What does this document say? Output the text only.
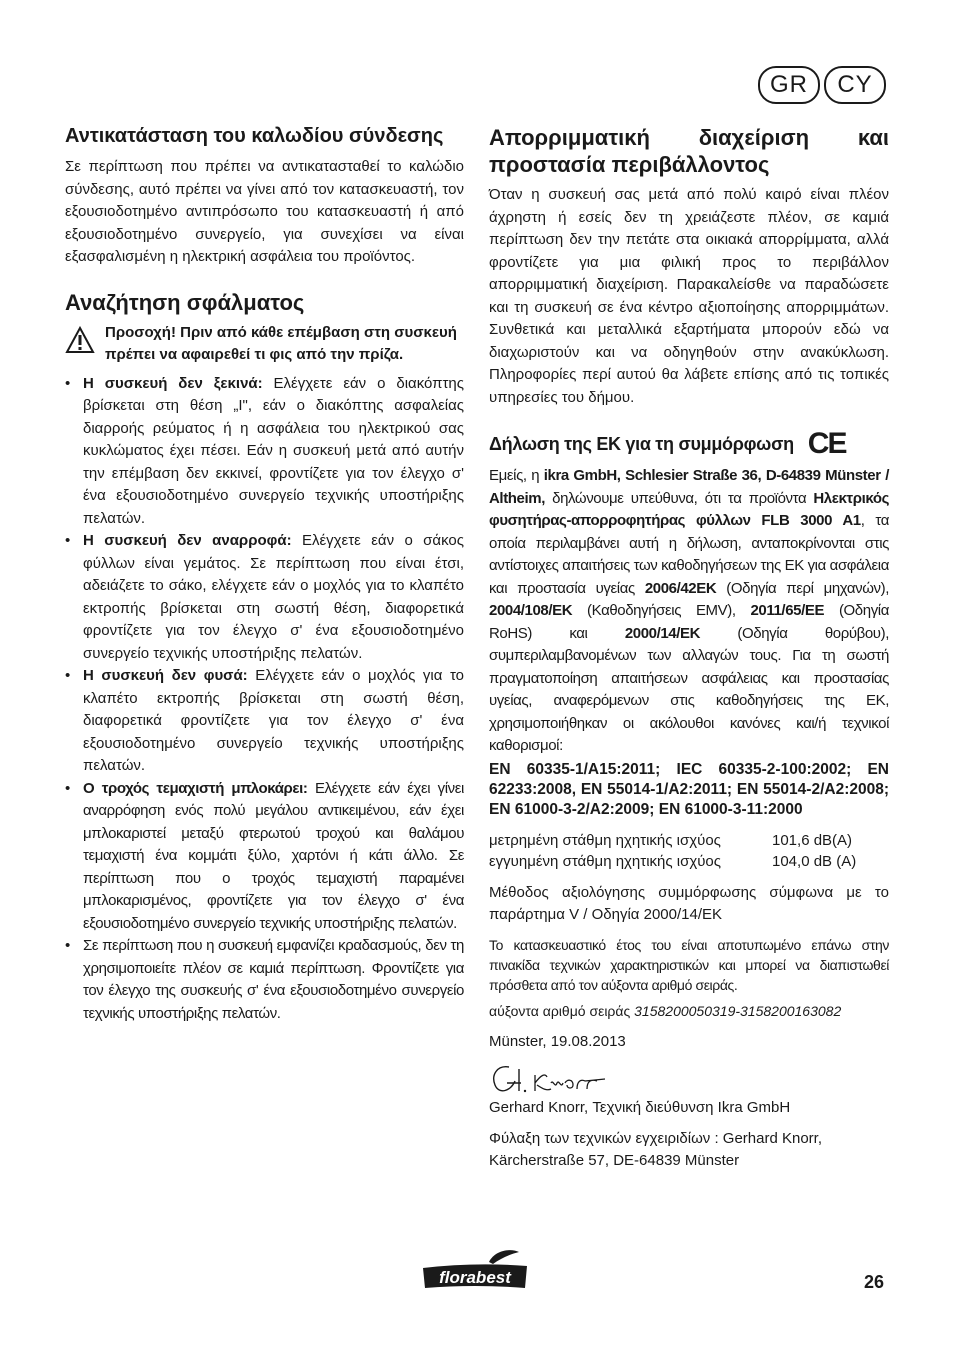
GR	CY
Αντικατάσταση του καλωδίου σύνδεσης

Σε περίπτωση που πρέπει να αντικατασταθεί το καλώδιο σύνδεσης, αυτό πρέπει να γίνει από τον κατασκευαστή, τον εξουσιοδοτημένο αντιπρόσωπο του κατασκευαστή ή από εξουσιοδοτημένο συνεργείο, για συνεχίσει να είναι εξασφαλισμένη η ηλεκτρική ασφάλεια του προϊόντος.

Αναζήτηση σφάλματος

Προσοχή! Πριν από κάθε επέμβαση στη συσκευή πρέπει να αφαιρεθεί τι φις από την πρίζα.

• Η συσκευή δεν ξεκινά: Ελέγχετε εάν ο διακόπτης βρίσκεται στη θέση „I", εάν ο διακόπτης ασφαλείας διαρροής ρεύματος ή η ασφάλεια του ηλεκτρικού σας κυκλώματος έχει πέσει. Εάν η συσκευή μετά από αυτήν την επέμβαση δεν εκκινεί, φροντίζετε για τον έλεγχο σ' ένα εξουσιοδοτημένο συνεργείο τεχνικής υποστήριξης πελατών.
• Η συσκευή δεν αναρροφά: Ελέγχετε εάν ο σάκος φύλλων είναι γεμάτος. Σε περίπτωση που είναι έτσι, αδειάζετε το σάκο, ελέγχετε εάν ο μοχλός για το κλαπέτο εκτροπής βρίσκεται στη σωστή θέση, διαφορετικά φροντίζετε για τον έλεγχο σ' ένα εξουσιοδοτημένο συνεργείο τεχνικής υποστήριξης πελατών.
• Η συσκευή δεν φυσά: Ελέγχετε εάν ο μοχλός για το κλαπέτο εκτροπής βρίσκεται στη σωστή θέση, διαφορετικά φροντίζετε για τον έλεγχο σ' ένα εξουσιοδοτημένο συνεργείο τεχνικής υποστήριξης πελατών.
• Ο τροχός τεμαχιστή μπλοκάρει: Ελέγχετε εάν έχει γίνει αναρρόφηση ενός πολύ μεγάλου αντικειμένου, εάν έχει μπλοκαριστεί μεταξύ φτερωτού τροχού και θαλάμου τεμαχιστή ένα κομμάτι ξύλο, χαρτόνι ή κάτι άλλο. Σε περίπτωση που ο τροχός τεμαχιστή παραμένει μπλοκαρισμένος, φροντίζετε για τον έλεγχο σ' ένα εξουσιοδοτημένο συνεργείο τεχνικής υποστήριξης πελατών.
• Σε περίπτωση που η συσκευή εμφανίζει κραδασμούς, δεν τη χρησιμοποιείτε πλέον σε καμιά περίπτωση. Φροντίζετε για τον έλεγχο της συσκευής σ' ένα εξουσιοδοτημένο συνεργείο τεχνικής υποστήριξης πελατών.
Απορριμματική διαχείριση και προστασία περιβάλλοντος

Όταν η συσκευή σας μετά από πολύ καιρό είναι πλέον άχρηστη ή εσείς δεν τη χρειάζεστε πλέον, σε καμιά περίπτωση δεν την πετάτε στα οικιακά απορρίμματα, αλλά φροντίζετε για μια φιλική προς το περιβάλλον απορριμματική διαχείριση. Παρακαλείσθε να παραδώσετε και τη συσκευή σε ένα κέντρο αξιοποίησης απορριμμάτων. Συνθετικά και μεταλλικά εξαρτήματα μπορούν εδώ να διαχωριστούν και να οδηγηθούν στην ανακύκλωση. Πληροφορίες περί αυτού θα λάβετε επίσης από τις τοπικές υπηρεσίες του δήμου.

Δήλωση της ΕΚ για τη συμμόρφωση CE

Εμείς, η ikra GmbH, Schlesier Straße 36, D-64839 Münster / Altheim, δηλώνουμε υπεύθυνα, ότι τα προϊόντα Ηλεκτρικός φυσητήρας-απορροφητήρας φύλλων FLB 3000 A1, τα οποία περιλαμβάνει αυτή η δήλωση, ανταποκρίνονται στις αντίστοιχες απαιτήσεις των καθοδηγήσεων της ΕΚ για ασφάλεια και προστασία υγείας 2006/42EK (Οδηγία περί μηχανών), 2004/108/EK (Καθοδηγήσεις EMV), 2011/65/EE (Οδηγία RoHS) και 2000/14/EK (Οδηγία θορύβου), συμπεριλαμβανομένων των αλλαγών τους. Για τη σωστή πραγματοποίηση απαιτήσεων ασφάλειας και προστασίας υγείας, αναφερόμενων στις καθοδηγήσεις της ΕΚ, χρησιμοποιήθηκαν οι ακόλουθοι κανόνες και/ή τεχνικοί καθορισμοί:

EN 60335-1/A15:2011; IEC 60335-2-100:2002; EN 62233:2008, EN 55014-1/A2:2011; EN 55014-2/A2:2008; EN 61000-3-2/A2:2009; EN 61000-3-11:2000

μετρημένη στάθμη ηχητικής ισχύος	101,6 dB(A)
εγγυημένη στάθμη ηχητικής ισχύος	104,0 dB (A)

Μέθοδος αξιολόγησης συμμόρφωσης σύμφωνα με το παράρτημα V / Οδηγία 2000/14/ΕΚ

Το κατασκευαστικό έτος του είναι αποτυπωμένο επάνω στην πινακίδα τεχνικών χαρακτηριστικών και μπορεί να διαπιστωθεί πρόσθετα από τον αύξοντα αριθμό σειράς.

αύξοντα αριθμό σειράς 3158200050319-3158200163082

Münster, 19.08.2013

Gerhard Knorr, Τεχνική διεύθυνση Ikra GmbH

Φύλαξη των τεχνικών εγχειριδίων : Gerhard Knorr, Kärcherstraße 57, DE-64839 Münster

florabest	26
